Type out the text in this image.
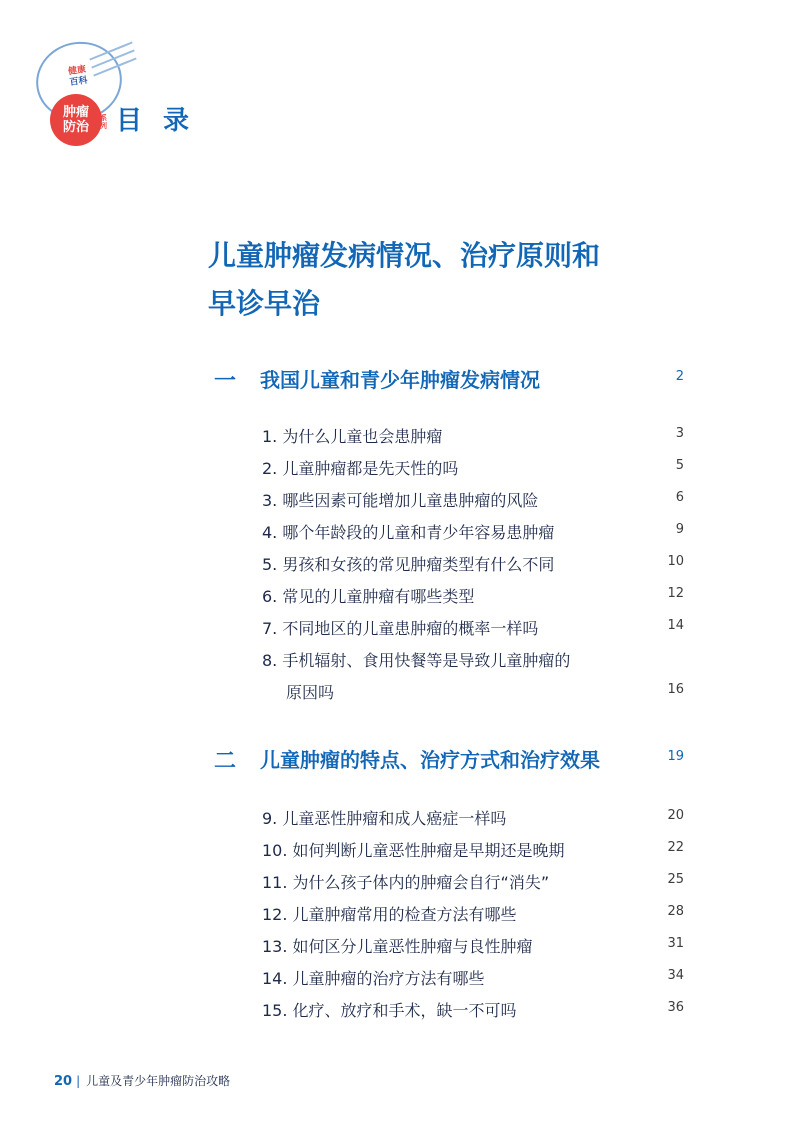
健康
百科
肿瘤
防治
系列 目 录
儿童肿瘤发病情况、治疗原则和
早诊早治
一 我国儿童和青少年肿瘤发病情况	2
1. 为什么儿童也会患肿瘤	3
2. 儿童肿瘤都是先天性的吗	5
3. 哪些因素可能增加儿童患肿瘤的风险	6
4. 哪个年龄段的儿童和青少年容易患肿瘤	9
5. 男孩和女孩的常见肿瘤类型有什么不同	10
6. 常见的儿童肿瘤有哪些类型	12
7. 不同地区的儿童患肿瘤的概率一样吗	14
8. 手机辐射、食用快餐等是导致儿童肿瘤的
原因吗	16
二 儿童肿瘤的特点、治疗方式和治疗效果	19
9. 儿童恶性肿瘤和成人癌症一样吗	20
10. 如何判断儿童恶性肿瘤是早期还是晚期	22
11. 为什么孩子体内的肿瘤会自行“消失”	25
12. 儿童肿瘤常用的检查方法有哪些	28
13. 如何区分儿童恶性肿瘤与良性肿瘤	31
14. 儿童肿瘤的治疗方法有哪些	34
15. 化疗、放疗和手术，缺一不可吗	36
20 | 儿童及青少年肿瘤防治攻略
